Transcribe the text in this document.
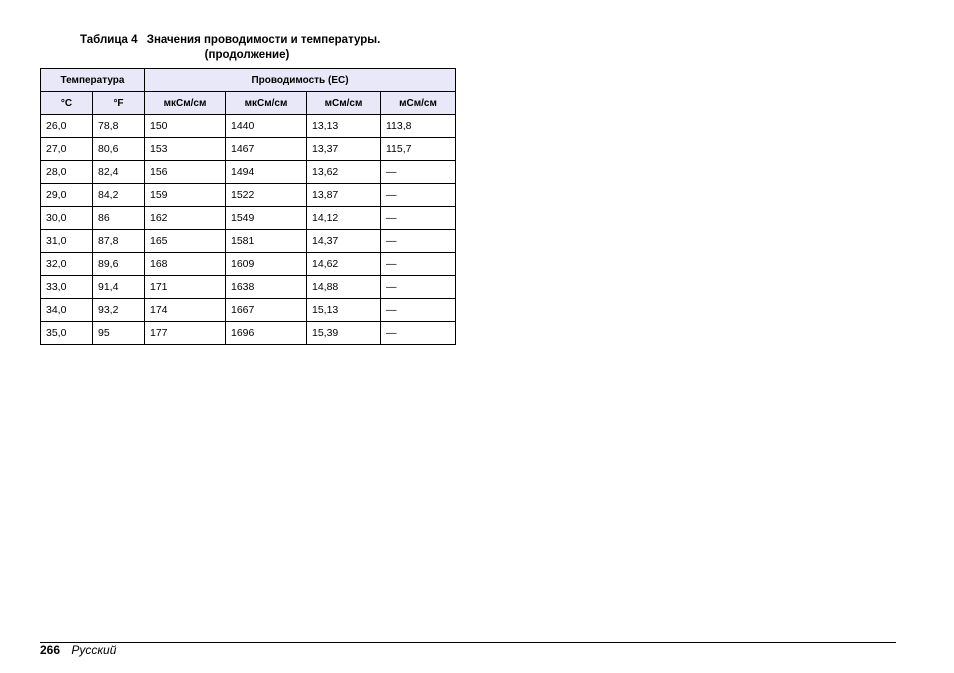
Таблица 4 Значения проводимости и температуры.
(продолжение)
Температура		Проводимость (EC)			
°C	°F	мкСм/см	мкСм/см	мСм/см	мСм/см
26,0	78,8	150	1440	13,13	113,8
27,0	80,6	153	1467	13,37	115,7
28,0	82,4	156	1494	13,62	—
29,0	84,2	159	1522	13,87	—
30,0	86	162	1549	14,12	—
31,0	87,8	165	1581	14,37	—
32,0	89,6	168	1609	14,62	—
33,0	91,4	171	1638	14,88	—
34,0	93,2	174	1667	15,13	—
35,0	95	177	1696	15,39	—
266 Русский
